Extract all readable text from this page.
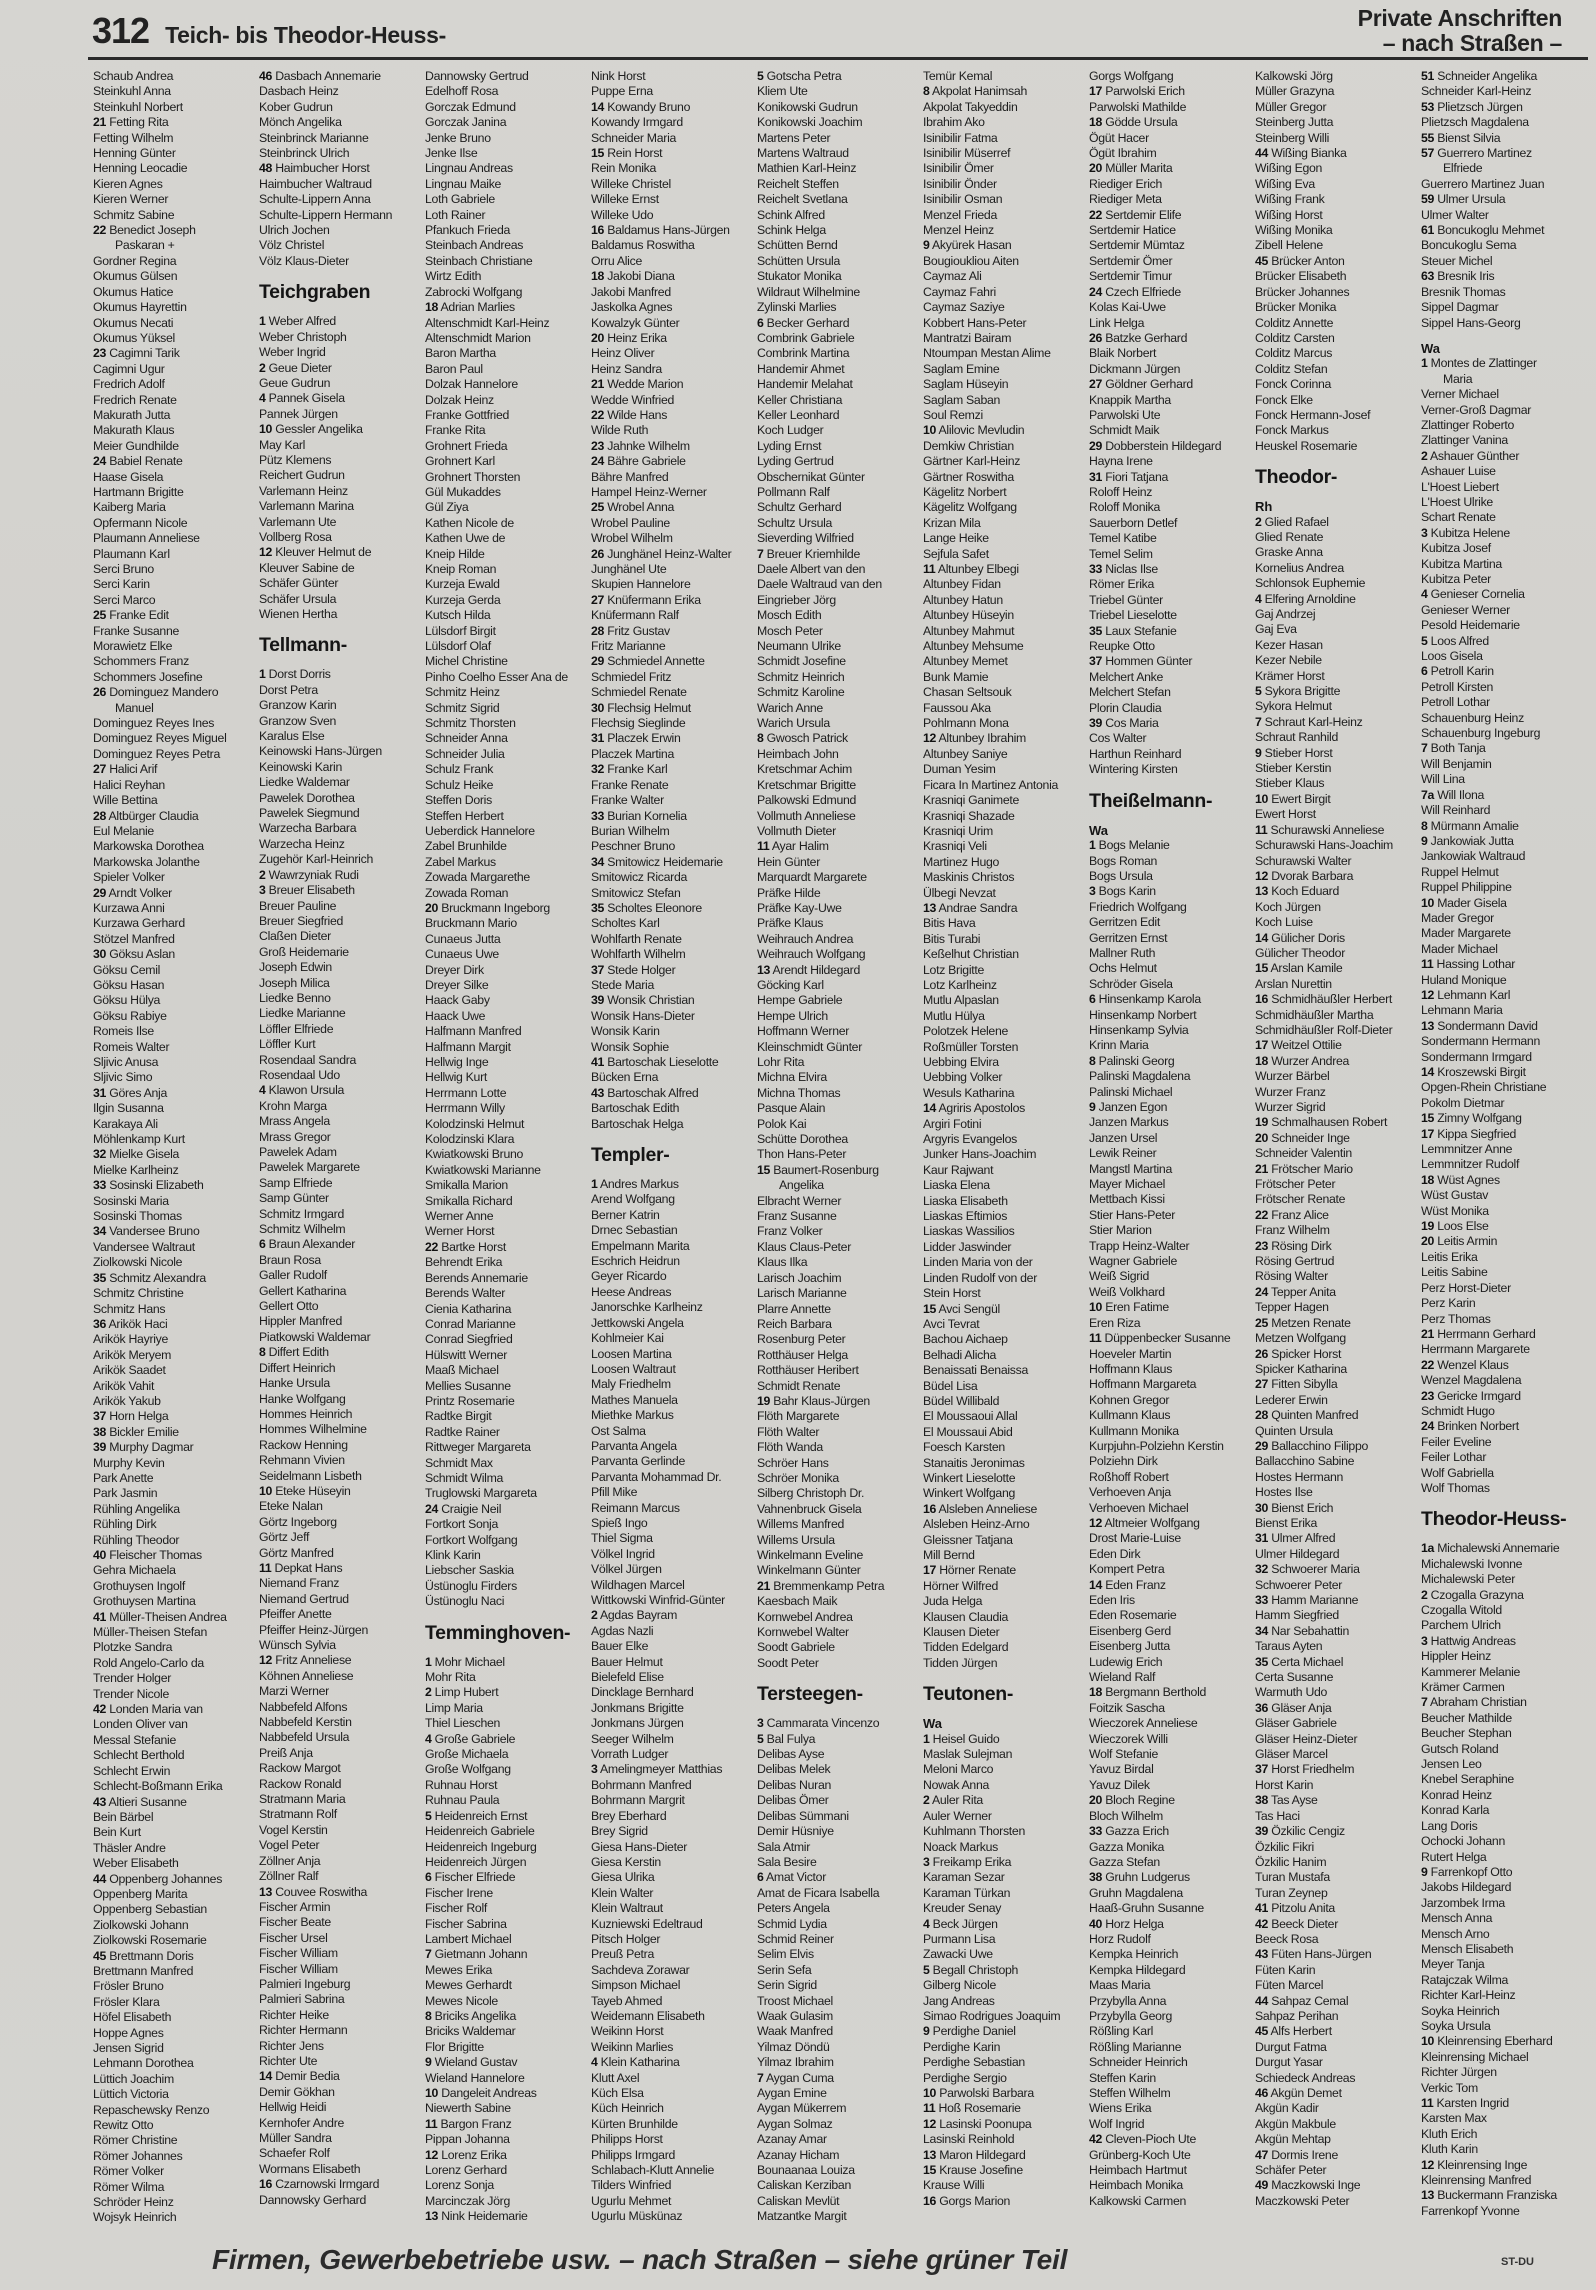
312 Teich- bis Theodor-Heuss-
Private Anschriften
– nach Straßen –
Schaub Andrea
Steinkuhl Anna
Steinkuhl Norbert
21 Fetting Rita
Fetting Wilhelm
Henning Günter
Henning Leocadie
Kieren Agnes
Kieren Werner
Schmitz Sabine
22 Benedict Joseph
Paskaran +
Gordner Regina
Okumus Gülsen
Okumus Hatice
Okumus Hayrettin
Okumus Necati
Okumus Yüksel
23 Cagimni Tarik
Cagimni Ugur
Fredrich Adolf
Fredrich Renate
Makurath Jutta
Makurath Klaus
Meier Gundhilde
24 Babiel Renate
Haase Gisela
Hartmann Brigitte
Kaiberg Maria
Opfermann Nicole
Plaumann Anneliese
Plaumann Karl
Serci Bruno
Serci Karin
Serci Marco
25 Franke Edit
Franke Susanne
Morawietz Elke
Schommers Franz
Schommers Josefine
26 Dominguez Mandero
Manuel
Dominguez Reyes Ines
Dominguez Reyes Miguel
Dominguez Reyes Petra
27 Halici Arif
Halici Reyhan
Wille Bettina
28 Altbürger Claudia
Eul Melanie
Markowska Dorothea
Markowska Jolanthe
Spieler Volker
29 Arndt Volker
Kurzawa Anni
Kurzawa Gerhard
Stötzel Manfred
30 Göksu Aslan
Göksu Cemil
Göksu Hasan
Göksu Hülya
Göksu Rabiye
Romeis Ilse
Romeis Walter
Sljivic Anusa
Sljivic Simo
31 Göres Anja
Ilgin Susanna
Karakaya Ali
Möhlenkamp Kurt
32 Mielke Gisela
Mielke Karlheinz
33 Sosinski Elizabeth
Sosinski Maria
Sosinski Thomas
34 Vandersee Bruno
Vandersee Waltraut
Ziolkowski Nicole
35 Schmitz Alexandra
Schmitz Christine
Schmitz Hans
36 Arikök Haci
Arikök Hayriye
Arikök Meryem
Arikök Saadet
Arikök Vahit
Arikök Yakub
37 Horn Helga
38 Bickler Emilie
39 Murphy Dagmar
Murphy Kevin
Park Anette
Park Jasmin
Rühling Angelika
Rühling Dirk
Rühling Theodor
40 Fleischer Thomas
Gehra Michaela
Grothuysen Ingolf
Grothuysen Martina
41 Müller-Theisen Andrea
Müller-Theisen Stefan
Plotzke Sandra
Rold Angelo-Carlo da
Trender Holger
Trender Nicole
42 Londen Maria van
Londen Oliver van
Messal Stefanie
Schlecht Berthold
Schlecht Erwin
Schlecht-Boßmann Erika
43 Altieri Susanne
Bein Bärbel
Bein Kurt
Thäsler Andre
Weber Elisabeth
44 Oppenberg Johannes
Oppenberg Marita
Oppenberg Sebastian
Ziolkowski Johann
Ziolkowski Rosemarie
45 Brettmann Doris
Brettmann Manfred
Frösler Bruno
Frösler Klara
Höfel Elisabeth
Hoppe Agnes
Jensen Sigrid
Lehmann Dorothea
Lüttich Joachim
Lüttich Victoria
Repaschewsky Renzo
Rewitz Otto
Römer Christine
Römer Johannes
Römer Volker
Römer Wilma
Schröder Heinz
Wojsyk Heinrich
46 Dasbach Annemarie
Dasbach Heinz
Kober Gudrun
Mönch Angelika
Steinbrinck Marianne
Steinbrinck Ulrich
48 Haimbucher Horst
Haimbucher Waltraud
Schulte-Lippern Anna
Schulte-Lippern Hermann
Ulrich Jochen
Völz Christel
Völz Klaus-Dieter
Teichgraben
1 Weber Alfred
Weber Christoph
Weber Ingrid
2 Geue Dieter
Geue Gudrun
4 Pannek Gisela
Pannek Jürgen
10 Gessler Angelika
May Karl
Pütz Klemens
Reichert Gudrun
Varlemann Heinz
Varlemann Marina
Varlemann Ute
Vollberg Rosa
12 Kleuver Helmut de
Kleuver Sabine de
Schäfer Günter
Schäfer Ursula
Wienen Hertha
Tellmann-
1 Dorst Dorris
Dorst Petra
Granzow Karin
Granzow Sven
Karalus Else
Keinowski Hans-Jürgen
Keinowski Karin
Liedke Waldemar
Pawelek Dorothea
Pawelek Siegmund
Warzecha Barbara
Warzecha Heinz
Zugehör Karl-Heinrich
2 Wawrzyniak Rudi
3 Breuer Elisabeth
Breuer Pauline
Breuer Siegfried
Claßen Dieter
Groß Heidemarie
Joseph Edwin
Joseph Milica
Liedke Benno
Liedke Marianne
Löffler Elfriede
Löffler Kurt
Rosendaal Sandra
Rosendaal Udo
4 Klawon Ursula
Krohn Marga
Mrass Angela
Mrass Gregor
Pawelek Adam
Pawelek Margarete
Samp Elfriede
Samp Günter
Schmitz Irmgard
Schmitz Wilhelm
6 Braun Alexander
Braun Rosa
Galler Rudolf
Gellert Katharina
Gellert Otto
Hippler Manfred
Piatkowski Waldemar
8 Differt Edith
Differt Heinrich
Hanke Ursula
Hanke Wolfgang
Hommes Heinrich
Hommes Wilhelmine
Rackow Henning
Rehmann Vivien
Seidelmann Lisbeth
10 Eteke Hüseyin
Eteke Nalan
Görtz Ingeborg
Görtz Jeff
Görtz Manfred
11 Depkat Hans
Niemand Franz
Niemand Gertrud
Pfeiffer Anette
Pfeiffer Heinz-Jürgen
Wünsch Sylvia
12 Fritz Anneliese
Köhnen Anneliese
Marzi Werner
Nabbefeld Alfons
Nabbefeld Kerstin
Nabbefeld Ursula
Preiß Anja
Rackow Margot
Rackow Ronald
Stratmann Maria
Stratmann Rolf
Vogel Kerstin
Vogel Peter
Zöllner Anja
Zöllner Ralf
13 Couvee Roswitha
Fischer Armin
Fischer Beate
Fischer Ursel
Fischer William
Fischer William
Palmieri Ingeburg
Palmieri Sabrina
Richter Heike
Richter Hermann
Richter Jens
Richter Ute
14 Demir Bedia
Demir Gökhan
Hellwig Heidi
Kernhofer Andre
Müller Sandra
Schaefer Rolf
Wormans Elisabeth
16 Czarnowski Irmgard
Dannowsky Gerhard
Dannowsky Gertrud
Edelhoff Rosa
Gorczak Edmund
Gorczak Janina
Jenke Bruno
Jenke Ilse
Lingnau Andreas
Lingnau Maike
Loth Gabriele
Loth Rainer
Pfankuch Frieda
Steinbach Andreas
Steinbach Christiane
Wirtz Edith
Zabrocki Wolfgang
18 Adrian Marlies
Altenschmidt Karl-Heinz
Altenschmidt Marion
Baron Martha
Baron Paul
Dolzak Hannelore
Dolzak Heinz
Franke Gottfried
Franke Rita
Grohnert Frieda
Grohnert Karl
Grohnert Thorsten
Gül Mukaddes
Gül Ziya
Kathen Nicole de
Kathen Uwe de
Kneip Hilde
Kneip Roman
Kurzeja Ewald
Kurzeja Gerda
Kutsch Hilda
Lülsdorf Birgit
Lülsdorf Olaf
Michel Christine
Pinho Coelho Esser Ana de
Schmitz Heinz
Schmitz Sigrid
Schmitz Thorsten
Schneider Anna
Schneider Julia
Schulz Frank
Schulz Heike
Steffen Doris
Steffen Herbert
Ueberdick Hannelore
Zabel Brunhilde
Zabel Markus
Zowada Margarethe
Zowada Roman
20 Bruckmann Ingeborg
Bruckmann Mario
Cunaeus Jutta
Cunaeus Uwe
Dreyer Dirk
Dreyer Silke
Haack Gaby
Haack Uwe
Halfmann Manfred
Halfmann Margit
Hellwig Inge
Hellwig Kurt
Herrmann Lotte
Herrmann Willy
Kolodzinski Helmut
Kolodzinski Klara
Kwiatkowski Bruno
Kwiatkowski Marianne
Smikalla Marion
Smikalla Richard
Werner Anne
Werner Horst
22 Bartke Horst
Behrendt Erika
Berends Annemarie
Berends Walter
Cienia Katharina
Conrad Marianne
Conrad Siegfried
Hülswitt Werner
Maaß Michael
Mellies Susanne
Printz Rosemarie
Radtke Birgit
Radtke Rainer
Rittweger Margareta
Schmidt Max
Schmidt Wilma
Truglowski Margareta
24 Craigie Neil
Fortkort Sonja
Fortkort Wolfgang
Klink Karin
Liebscher Saskia
Üstünoglu Firders
Üstünoglu Naci
Temminghoven-
1 Mohr Michael
Mohr Rita
2 Limp Hubert
Limp Maria
Thiel Lieschen
4 Große Gabriele
Große Michaela
Große Wolfgang
Ruhnau Horst
Ruhnau Paula
5 Heidenreich Ernst
Heidenreich Gabriele
Heidenreich Ingeburg
Heidenreich Jürgen
6 Fischer Elfriede
Fischer Irene
Fischer Rolf
Fischer Sabrina
Lambert Michael
7 Gietmann Johann
Mewes Erika
Mewes Gerhardt
Mewes Nicole
8 Briciks Angelika
Briciks Waldemar
Flor Brigitte
9 Wieland Gustav
Wieland Hannelore
10 Dangeleit Andreas
Niewerth Sabine
11 Bargon Franz
Pippan Johanna
12 Lorenz Erika
Lorenz Gerhard
Lorenz Sonja
Marcinczak Jörg
13 Nink Heidemarie
Nink Horst
Puppe Erna
14 Kowandy Bruno
Kowandy Irmgard
Schneider Maria
15 Rein Horst
Rein Monika
Willeke Christel
Willeke Ernst
Willeke Udo
16 Baldamus Hans-Jürgen
Baldamus Roswitha
Orru Alice
18 Jakobi Diana
Jakobi Manfred
Jaskolka Agnes
Kowalzyk Günter
20 Heinz Erika
Heinz Oliver
Heinz Sandra
21 Wedde Marion
Wedde Winfried
22 Wilde Hans
Wilde Ruth
23 Jahnke Wilhelm
24 Bähre Gabriele
Bähre Manfred
Hampel Heinz-Werner
25 Wrobel Anna
Wrobel Pauline
Wrobel Wilhelm
26 Junghänel Heinz-Walter
Junghänel Ute
Skupien Hannelore
27 Knüfermann Erika
Knüfermann Ralf
28 Fritz Gustav
Fritz Marianne
29 Schmiedel Annette
Schmiedel Fritz
Schmiedel Renate
30 Flechsig Helmut
Flechsig Sieglinde
31 Placzek Erwin
Placzek Martina
32 Franke Karl
Franke Renate
Franke Walter
33 Burian Kornelia
Burian Wilhelm
Peschner Bruno
34 Smitowicz Heidemarie
Smitowicz Ricarda
Smitowicz Stefan
35 Scholtes Eleonore
Scholtes Karl
Wohlfarth Renate
Wohlfarth Wilhelm
37 Stede Holger
Stede Maria
39 Wonsik Christian
Wonsik Hans-Dieter
Wonsik Karin
Wonsik Sophie
41 Bartoschak Lieselotte
Bücken Erna
43 Bartoschak Alfred
Bartoschak Edith
Bartoschak Helga
Templer-
1 Andres Markus
Arend Wolfgang
Berner Katrin
Drnec Sebastian
Empelmann Marita
Eschrich Heidrun
Geyer Ricardo
Heese Andreas
Janorschke Karlheinz
Jettkowski Angela
Kohlmeier Kai
Loosen Martina
Loosen Waltraut
Maly Friedhelm
Mathes Manuela
Miethke Markus
Ost Salma
Parvanta Angela
Parvanta Gerlinde
Parvanta Mohammad Dr.
Pfill Mike
Reimann Marcus
Spieß Ingo
Thiel Sigma
Völkel Ingrid
Völkel Jürgen
Wildhagen Marcel
Wittkowski Winfrid-Günter
2 Agdas Bayram
Agdas Nazli
Bauer Elke
Bauer Helmut
Bielefeld Elise
Dincklage Bernhard
Jonkmans Brigitte
Jonkmans Jürgen
Seeger Wilhelm
Vorrath Ludger
3 Amelingmeyer Matthias
Bohrmann Manfred
Bohrmann Margrit
Brey Eberhard
Brey Sigrid
Giesa Hans-Dieter
Giesa Kerstin
Giesa Ulrika
Klein Walter
Klein Waltraut
Kuzniewski Edeltraud
Pitsch Holger
Preuß Petra
Sachdeva Zorawar
Simpson Michael
Tayeb Ahmed
Weidemann Elisabeth
Weikinn Horst
Weikinn Marlies
4 Klein Katharina
Klutt Axel
Küch Elsa
Küch Heinrich
Kürten Brunhilde
Philipps Horst
Philipps Irmgard
Schlabach-Klutt Annelie
Tilders Winfried
Ugurlu Mehmet
Ugurlu Müskünaz
5 Gotscha Petra
Kliem Ute
Konikowski Gudrun
Konikowski Joachim
Martens Peter
Martens Waltraud
Mathien Karl-Heinz
Reichelt Steffen
Reichelt Svetlana
Schink Alfred
Schink Helga
Schütten Bernd
Schütten Ursula
Stukator Monika
Wildraut Wilhelmine
Zylinski Marlies
6 Becker Gerhard
Combrink Gabriele
Combrink Martina
Handemir Ahmet
Handemir Melahat
Keller Christiana
Keller Leonhard
Koch Ludger
Lyding Ernst
Lyding Gertrud
Obschernikat Günter
Pollmann Ralf
Schultz Gerhard
Schultz Ursula
Sieverding Wilfried
7 Breuer Kriemhilde
Daele Albert van den
Daele Waltraud van den
Eingrieber Jörg
Mosch Edith
Mosch Peter
Neumann Ulrike
Schmidt Josefine
Schmitz Heinrich
Schmitz Karoline
Warich Anne
Warich Ursula
8 Gwosch Patrick
Heimbach John
Kretschmar Achim
Kretschmar Brigitte
Palkowski Edmund
Vollmuth Anneliese
Vollmuth Dieter
11 Ayar Halim
Hein Günter
Marquardt Margarete
Präfke Hilde
Präfke Kay-Uwe
Präfke Klaus
Weihrauch Andrea
Weihrauch Wolfgang
13 Arendt Hildegard
Göcking Karl
Hempe Gabriele
Hempe Ulrich
Hoffmann Werner
Kleinschmidt Günter
Lohr Rita
Michna Elvira
Michna Thomas
Pasque Alain
Polok Kai
Schütte Dorothea
Thon Hans-Peter
15 Baumert-Rosenburg
Angelika
Elbracht Werner
Franz Susanne
Franz Volker
Klaus Claus-Peter
Klaus Ilka
Larisch Joachim
Larisch Marianne
Plarre Annette
Reich Barbara
Rosenburg Peter
Rotthäuser Helga
Rotthäuser Heribert
Schmidt Renate
19 Bahr Klaus-Jürgen
Flöth Margarete
Flöth Walter
Flöth Wanda
Schröer Hans
Schröer Monika
Silberg Christoph Dr.
Vahnenbruck Gisela
Willems Manfred
Willems Ursula
Winkelmann Eveline
Winkelmann Günter
21 Bremmenkamp Petra
Kaesbach Maik
Kornwebel Andrea
Kornwebel Walter
Soodt Gabriele
Soodt Peter
Tersteegen-
3 Cammarata Vincenzo
5 Bal Fulya
Delibas Ayse
Delibas Melek
Delibas Nuran
Delibas Ömer
Delibas Sümmani
Demir Hüsniye
Sala Atmir
Sala Besire
6 Amat Victor
Amat de Ficara Isabella
Peters Angela
Schmid Lydia
Schmid Reiner
Selim Elvis
Serin Sefa
Serin Sigrid
Troost Michael
Waak Gulasim
Waak Manfred
Yilmaz Döndü
Yilmaz Ibrahim
7 Aygan Cuma
Aygan Emine
Aygan Mükerrem
Aygan Solmaz
Azanay Amar
Azanay Hicham
Bounaanaa Louiza
Caliskan Kerziban
Caliskan Mevlüt
Matzantke Margit
Temür Kemal
8 Akpolat Hanimsah
Akpolat Takyeddin
Ibrahim Ako
Isinibilir Fatma
Isinibilir Müserref
Isinibilir Ömer
Isinibilir Önder
Isinibilir Osman
Menzel Frieda
Menzel Heinz
9 Akyürek Hasan
Bougioukliou Aiten
Caymaz Ali
Caymaz Fahri
Caymaz Saziye
Kobbert Hans-Peter
Mantratzi Bairam
Ntoumpan Mestan Alime
Saglam Emine
Saglam Hüseyin
Saglam Saban
Soul Remzi
10 Alilovic Mevludin
Demkiw Christian
Gärtner Karl-Heinz
Gärtner Roswitha
Kägelitz Norbert
Kägelitz Wolfgang
Krizan Mila
Lange Heike
Sejfula Safet
11 Altunbey Elbegi
Altunbey Fidan
Altunbey Hatun
Altunbey Hüseyin
Altunbey Mahmut
Altunbey Mehsume
Altunbey Memet
Bunk Mamie
Chasan Seltsouk
Faussou Aka
Pohlmann Mona
12 Altunbey Ibrahim
Altunbey Saniye
Duman Yesim
Ficara In Martinez Antonia
Krasniqi Ganimete
Krasniqi Shazade
Krasniqi Urim
Krasniqi Veli
Martinez Hugo
Maskinis Christos
Ülbegi Nevzat
13 Andrae Sandra
Bitis Hava
Bitis Turabi
Keßelhut Christian
Lotz Brigitte
Lotz Karlheinz
Mutlu Alpaslan
Mutlu Hülya
Polotzek Helene
Roßmüller Torsten
Uebbing Elvira
Uebbing Volker
Wesuls Katharina
14 Agriris Apostolos
Argiri Fotini
Argyris Evangelos
Junker Hans-Joachim
Kaur Rajwant
Liaska Elena
Liaska Elisabeth
Liaskas Eftimios
Liaskas Wassilios
Lidder Jaswinder
Linden Maria von der
Linden Rudolf von der
Stein Horst
15 Avci Sengül
Avci Tevrat
Bachou Aichaep
Belhadi Alicha
Benaissati Benaissa
Büdel Lisa
Büdel Willibald
El Moussaoui Allal
El Moussaui Abid
Foesch Karsten
Stanaitis Jeronimas
Winkert Lieselotte
Winkert Wolfgang
16 Alsleben Anneliese
Alsleben Heinz-Arno
Gleissner Tatjana
Mill Bernd
17 Hörner Renate
Hörner Wilfred
Juda Helga
Klausen Claudia
Klausen Dieter
Tidden Edelgard
Tidden Jürgen
Teutonen-
Wa
1 Heisel Guido
Maslak Sulejman
Meloni Marco
Nowak Anna
2 Auler Rita
Auler Werner
Kuhlmann Thorsten
Noack Markus
3 Freikamp Erika
Karaman Sezar
Karaman Türkan
Kreuder Senay
4 Beck Jürgen
Purmann Lisa
Zawacki Uwe
5 Begall Christoph
Gilberg Nicole
Jang Andreas
Simao Rodrigues Joaquim
9 Perdighe Daniel
Perdighe Karin
Perdighe Sebastian
Perdighe Sergio
10 Parwolski Barbara
11 Hoß Rosemarie
12 Lasinski Poonupa
Lasinski Reinhold
13 Maron Hildegard
15 Krause Josefine
Krause Willi
16 Gorgs Marion
Gorgs Wolfgang
17 Parwolski Erich
Parwolski Mathilde
18 Gödde Ursula
Ögüt Hacer
Ögüt Ibrahim
20 Müller Marita
Riediger Erich
Riediger Meta
22 Sertdemir Elife
Sertdemir Hatice
Sertdemir Mümtaz
Sertdemir Ömer
Sertdemir Timur
24 Czech Elfriede
Kolas Kai-Uwe
Link Helga
26 Batzke Gerhard
Blaik Norbert
Dickmann Jürgen
27 Göldner Gerhard
Knappik Martha
Parwolski Ute
Schmidt Maik
29 Dobberstein Hildegard
Hayna Irene
31 Fiori Tatjana
Roloff Heinz
Roloff Monika
Sauerborn Detlef
Temel Katibe
Temel Selim
33 Niclas Ilse
Römer Erika
Triebel Günter
Triebel Lieselotte
35 Laux Stefanie
Reupke Otto
37 Hommen Günter
Melchert Anke
Melchert Stefan
Plorin Claudia
39 Cos Maria
Cos Walter
Harthun Reinhard
Wintering Kirsten
Theißelmann-
Wa
1 Bogs Melanie
Bogs Roman
Bogs Ursula
3 Bogs Karin
Friedrich Wolfgang
Gerritzen Edit
Gerritzen Ernst
Mallner Ruth
Ochs Helmut
Schröder Gisela
6 Hinsenkamp Karola
Hinsenkamp Norbert
Hinsenkamp Sylvia
Krinn Maria
8 Palinski Georg
Palinski Magdalena
Palinski Michael
9 Janzen Egon
Janzen Markus
Janzen Ursel
Lewik Reiner
Mangstl Martina
Mayer Michael
Mettbach Kissi
Stier Hans-Peter
Stier Marion
Trapp Heinz-Walter
Wagner Gabriele
Weiß Sigrid
Weiß Volkhard
10 Eren Fatime
Eren Riza
11 Düppenbecker Susanne
Hoeveler Martin
Hoffmann Klaus
Hoffmann Margareta
Kohnen Gregor
Kullmann Klaus
Kullmann Monika
Kurpjuhn-Polziehn Kerstin
Polziehn Dirk
Roßhoff Robert
Verhoeven Anja
Verhoeven Michael
12 Altmeier Wolfgang
Drost Marie-Luise
Eden Dirk
Kompert Petra
14 Eden Franz
Eden Iris
Eden Rosemarie
Eisenberg Gerd
Eisenberg Jutta
Ludewig Erich
Wieland Ralf
18 Bergmann Berthold
Foitzik Sascha
Wieczorek Anneliese
Wieczorek Willi
Wolf Stefanie
Yavuz Birdal
Yavuz Dilek
20 Bloch Regine
Bloch Wilhelm
33 Gazza Erich
Gazza Monika
Gazza Stefan
38 Gruhn Ludgerus
Gruhn Magdalena
Haaß-Gruhn Susanne
40 Horz Helga
Horz Rudolf
Kempka Heinrich
Kempka Hildegard
Maas Maria
Przybylla Anna
Przybylla Georg
Rößling Karl
Rößling Marianne
Schneider Heinrich
Steffen Karin
Steffen Wilhelm
Wiens Erika
Wolf Ingrid
42 Cleven-Pioch Ute
Grünberg-Koch Ute
Heimbach Hartmut
Heimbach Monika
Kalkowski Carmen
Kalkowski Jörg
Müller Grazyna
Müller Gregor
Steinberg Jutta
Steinberg Willi
44 Wißing Bianka
Wißing Egon
Wißing Eva
Wißing Frank
Wißing Horst
Wißing Monika
Zibell Helene
45 Brücker Anton
Brücker Elisabeth
Brücker Johannes
Brücker Monika
Colditz Annette
Colditz Carsten
Colditz Marcus
Colditz Stefan
Fonck Corinna
Fonck Elke
Fonck Hermann-Josef
Fonck Markus
Heuskel Rosemarie
Theodor-
Rh
2 Glied Rafael
Glied Renate
Graske Anna
Kornelius Andrea
Schlonsok Euphemie
4 Elfering Arnoldine
Gaj Andrzej
Gaj Eva
Kezer Hasan
Kezer Nebile
Krämer Horst
5 Sykora Brigitte
Sykora Helmut
7 Schraut Karl-Heinz
Schraut Ranhild
9 Stieber Horst
Stieber Kerstin
Stieber Klaus
10 Ewert Birgit
Ewert Horst
11 Schurawski Anneliese
Schurawski Hans-Joachim
Schurawski Walter
12 Dvorak Barbara
13 Koch Eduard
Koch Jürgen
Koch Luise
14 Gülicher Doris
Gülicher Theodor
15 Arslan Kamile
Arslan Nurettin
16 Schmidhäußler Herbert
Schmidhäußler Martha
Schmidhäußler Rolf-Dieter
17 Weitzel Ottilie
18 Wurzer Andrea
Wurzer Bärbel
Wurzer Franz
Wurzer Sigrid
19 Schmalhausen Robert
20 Schneider Inge
Schneider Valentin
21 Frötscher Mario
Frötscher Peter
Frötscher Renate
22 Franz Alice
Franz Wilhelm
23 Rösing Dirk
Rösing Gertrud
Rösing Walter
24 Tepper Anita
Tepper Hagen
25 Metzen Renate
Metzen Wolfgang
26 Spicker Horst
Spicker Katharina
27 Fitten Sibylla
Lederer Erwin
28 Quinten Manfred
Quinten Ursula
29 Ballacchino Filippo
Ballacchino Sabine
Hostes Hermann
Hostes Ilse
30 Bienst Erich
Bienst Erika
31 Ulmer Alfred
Ulmer Hildegard
32 Schwoerer Maria
Schwoerer Peter
33 Hamm Marianne
Hamm Siegfried
34 Nar Sebahattin
Taraus Ayten
35 Certa Michael
Certa Susanne
Warmuth Udo
36 Gläser Anja
Gläser Gabriele
Gläser Heinz-Dieter
Gläser Marcel
37 Horst Friedhelm
Horst Karin
38 Tas Ayse
Tas Haci
39 Özkilic Cengiz
Özkilic Fikri
Özkilic Hanim
Turan Mustafa
Turan Zeynep
41 Pitzolu Anita
42 Beeck Dieter
Beeck Rosa
43 Füten Hans-Jürgen
Füten Karin
Füten Marcel
44 Sahpaz Cemal
Sahpaz Perihan
45 Alfs Herbert
Durgut Fatma
Durgut Yasar
Schiedeck Andreas
46 Akgün Demet
Akgün Kadir
Akgün Makbule
Akgün Mehtap
47 Dormis Irene
Schäfer Peter
49 Maczkowski Inge
Maczkowski Peter
51 Schneider Angelika
Schneider Karl-Heinz
53 Plietzsch Jürgen
Plietzsch Magdalena
55 Bienst Silvia
57 Guerrero Martinez
Elfriede
Guerrero Martinez Juan
59 Ulmer Ursula
Ulmer Walter
61 Boncukoglu Mehmet
Boncukoglu Sema
Steuer Michel
63 Bresnik Iris
Bresnik Thomas
Sippel Dagmar
Sippel Hans-Georg
Wa
1 Montes de Zlattinger
Maria
Verner Michael
Verner-Groß Dagmar
Zlattinger Roberto
Zlattinger Vanina
2 Ashauer Günther
Ashauer Luise
L'Hoest Liebert
L'Hoest Ulrike
Schart Renate
3 Kubitza Helene
Kubitza Josef
Kubitza Martina
Kubitza Peter
4 Genieser Cornelia
Genieser Werner
Pesold Heidemarie
5 Loos Alfred
Loos Gisela
6 Petroll Karin
Petroll Kirsten
Petroll Lothar
Schauenburg Heinz
Schauenburg Ingeburg
7 Both Tanja
Will Benjamin
Will Lina
7a Will Ilona
Will Reinhard
8 Mürmann Amalie
9 Jankowiak Jutta
Jankowiak Waltraud
Ruppel Helmut
Ruppel Philippine
10 Mader Gisela
Mader Gregor
Mader Margarete
Mader Michael
11 Hassing Lothar
Huland Monique
12 Lehmann Karl
Lehmann Maria
13 Sondermann David
Sondermann Hermann
Sondermann Irmgard
14 Kroszewski Birgit
Opgen-Rhein Christiane
Pokolm Dietmar
15 Zimny Wolfgang
17 Kippa Siegfried
Lemmnitzer Anne
Lemmnitzer Rudolf
18 Wüst Agnes
Wüst Gustav
Wüst Monika
19 Loos Else
20 Leitis Armin
Leitis Erika
Leitis Sabine
Perz Horst-Dieter
Perz Karin
Perz Thomas
21 Herrmann Gerhard
Herrmann Margarete
22 Wenzel Klaus
Wenzel Magdalena
23 Gericke Irmgard
Schmidt Hugo
24 Brinken Norbert
Feiler Eveline
Feiler Lothar
Wolf Gabriella
Wolf Thomas
Theodor-Heuss-
1a Michalewski Annemarie
Michalewski Ivonne
Michalewski Peter
2 Czogalla Grazyna
Czogalla Witold
Parchem Ulrich
3 Hattwig Andreas
Hippler Heinz
Kammerer Melanie
Krämer Carmen
7 Abraham Christian
Beucher Mathilde
Beucher Stephan
Gutsch Roland
Jensen Leo
Knebel Seraphine
Konrad Heinz
Konrad Karla
Lang Doris
Ochocki Johann
Rutert Helga
9 Farrenkopf Otto
Jakobs Hildegard
Jarzombek Irma
Mensch Anna
Mensch Arno
Mensch Elisabeth
Meyer Tanja
Ratajczak Wilma
Richter Karl-Heinz
Soyka Heinrich
Soyka Ursula
10 Kleinrensing Eberhard
Kleinrensing Michael
Richter Jürgen
Verkic Tom
11 Karsten Ingrid
Karsten Max
Kluth Erich
Kluth Karin
12 Kleinrensing Inge
Kleinrensing Manfred
13 Buckermann Franziska
Farrenkopf Yvonne
Firmen, Gewerbebetriebe usw. – nach Straßen – siehe grüner Teil	ST-DU
